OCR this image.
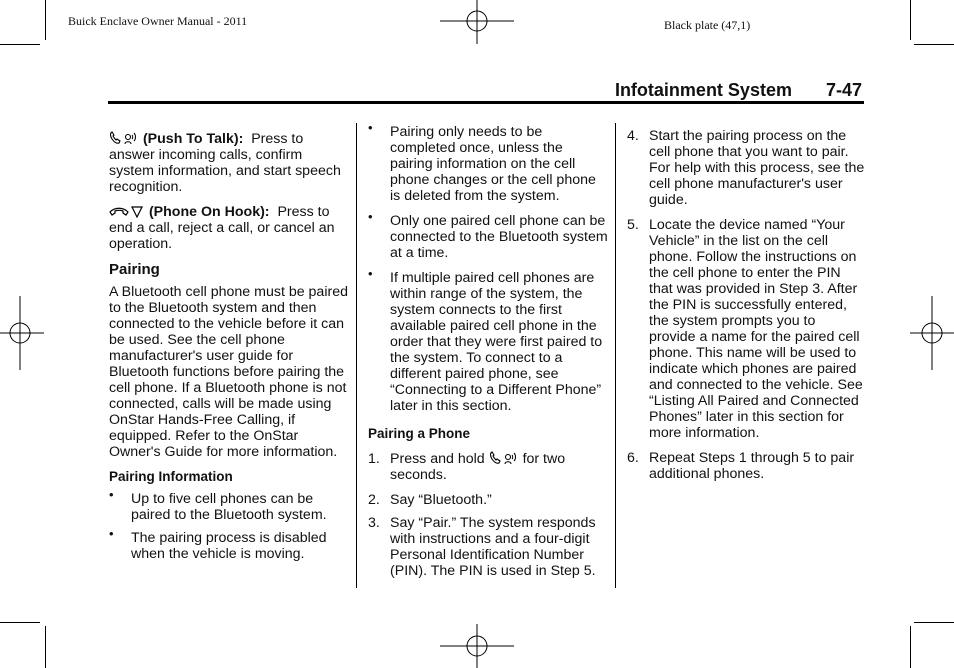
Buick Enclave Owner Manual - 2011	Black plate (47,1)
Infotainment System 7-47

(Push To Talk): Press to answer incoming calls, confirm system information, and start speech recognition.

(Phone On Hook): Press to end a call, reject a call, or cancel an operation.

Pairing

A Bluetooth cell phone must be paired to the Bluetooth system and then connected to the vehicle before it can be used. See the cell phone manufacturer's user guide for Bluetooth functions before pairing the cell phone. If a Bluetooth phone is not connected, calls will be made using OnStar Hands-Free Calling, if equipped. Refer to the OnStar Owner's Guide for more information.

Pairing Information
• Up to five cell phones can be paired to the Bluetooth system.
• The pairing process is disabled when the vehicle is moving.
• Pairing only needs to be completed once, unless the pairing information on the cell phone changes or the cell phone is deleted from the system.
• Only one paired cell phone can be connected to the Bluetooth system at a time.
• If multiple paired cell phones are within range of the system, the system connects to the first available paired cell phone in the order that they were first paired to the system. To connect to a different paired phone, see “Connecting to a Different Phone” later in this section.
Pairing a Phone
1. Press and hold	for two seconds.
2. Say “Bluetooth.”
3. Say “Pair.” The system responds with instructions and a four-digit Personal Identification Number (PIN). The PIN is used in Step 5.
4. Start the pairing process on the cell phone that you want to pair. For help with this process, see the cell phone manufacturer's user guide.
5. Locate the device named “Your Vehicle” in the list on the cell phone. Follow the instructions on the cell phone to enter the PIN that was provided in Step 3. After the PIN is successfully entered, the system prompts you to provide a name for the paired cell phone. This name will be used to indicate which phones are paired and connected to the vehicle. See “Listing All Paired and Connected Phones” later in this section for more information.
6. Repeat Steps 1 through 5 to pair additional phones.
